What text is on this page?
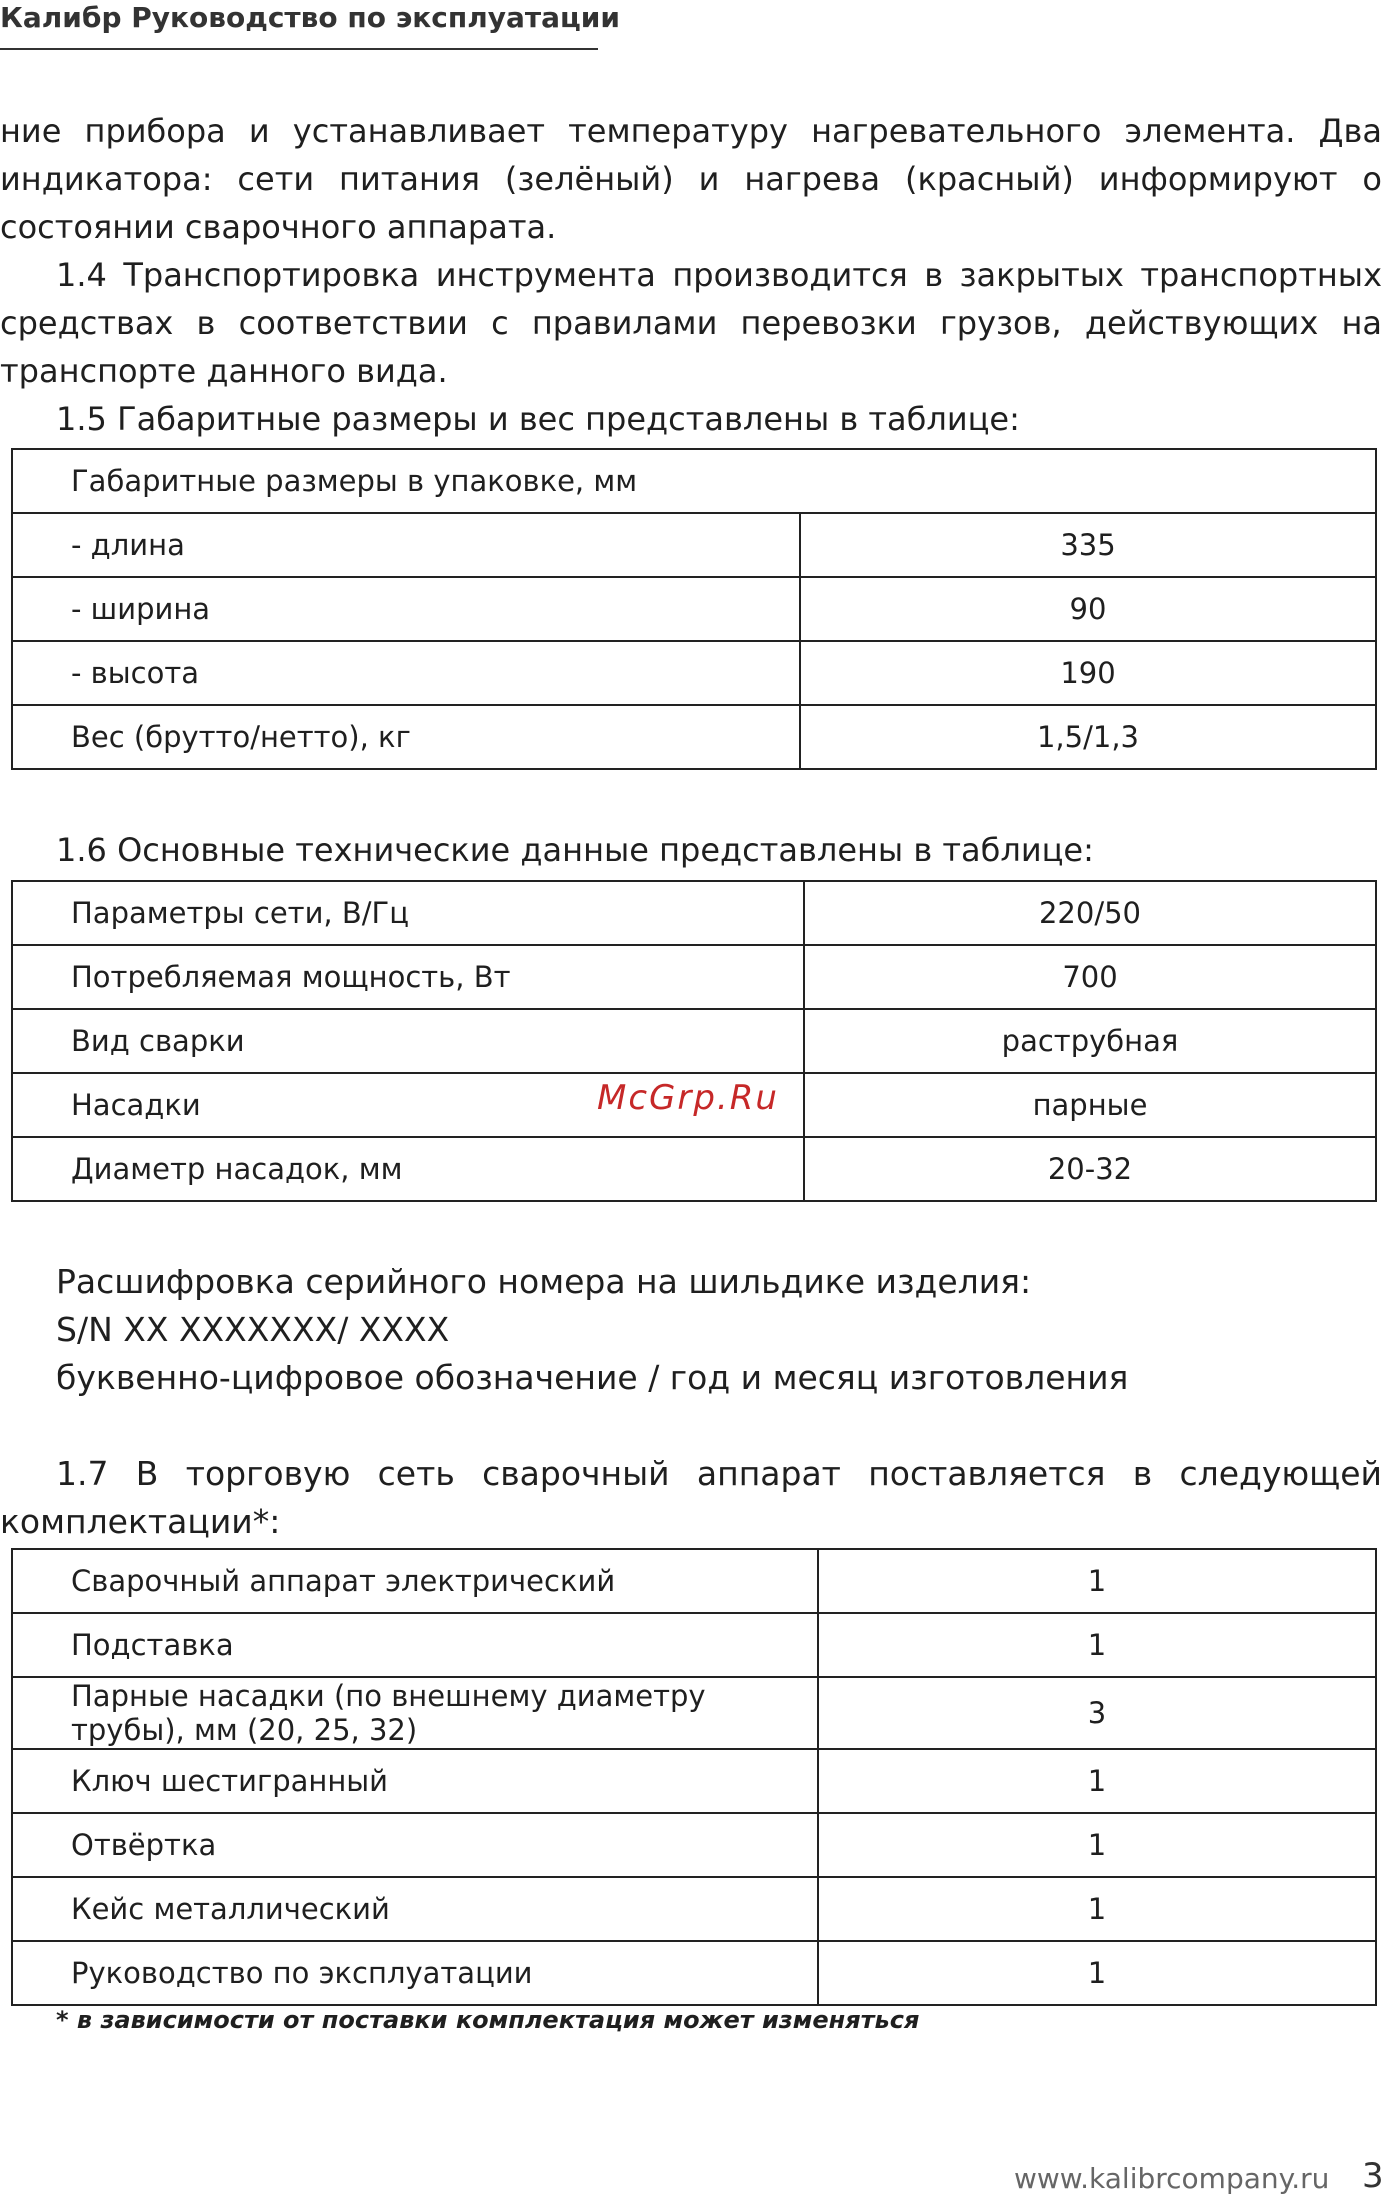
Калибр Руководство по эксплуатации

ние прибора и устанавливает температуру нагревательного элемента. Два индикатора: сети питания (зелёный) и нагрева (красный) информируют о состоянии сварочного аппарата.

1.4 Транспортировка инструмента производится в закрытых транспортных средствах в соответствии с правилами перевозки грузов, действующих на транспорте данного вида.

1.5 Габаритные размеры и вес представлены в таблице:

Габаритные размеры в упаковке, мм	
- длина	335
- ширина	90
- высота	190
Вес (брутто/нетто), кг	1,5/1,3

1.6 Основные технические данные представлены в таблице:

Параметры сети, В/Гц	220/50
Потребляемая мощность, Вт	700
Вид сварки	раструбная
Насадки	парные
Диаметр насадок, мм	20-32
McGrp.Ru

Расшифровка серийного номера на шильдике изделия:

S/N XX XXXXXXX/ XXXX

буквенно-цифровое обозначение / год и месяц изготовления

1.7 В торговую сеть сварочный аппарат поставляется в следующей комплектации*:

Сварочный аппарат электрический	1
Подставка	1
Парные насадки (по внешнему диаметру трубы), мм (20, 25, 32)	3
Ключ шестигранный	1
Отвёртка	1
Кейс металлический	1
Руководство по эксплуатации	1
* в зависимости от поставки комплектация может изменяться
www.kalibrcompany.ru 3
